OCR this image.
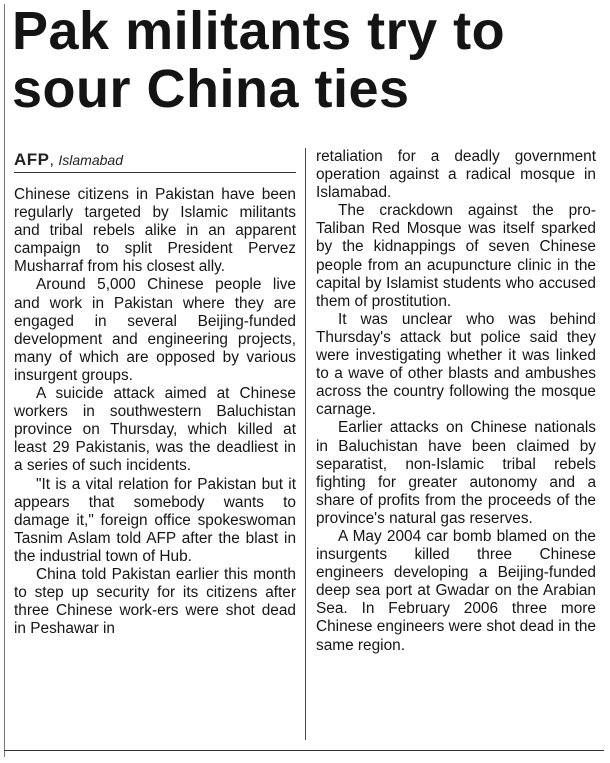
Pak militants try to sour China ties
AFP, Islamabad

Chinese citizens in Pakistan have been regularly targeted by Islamic militants and tribal rebels alike in an apparent campaign to split President Pervez Musharraf from his closest ally.

Around 5,000 Chinese people live and work in Pakistan where they are engaged in several Beijing-funded development and engineering projects, many of which are opposed by various insurgent groups.

A suicide attack aimed at Chinese workers in southwestern Baluchistan province on Thursday, which killed at least 29 Pakistanis, was the deadliest in a series of such incidents.

"It is a vital relation for Pakistan but it appears that somebody wants to damage it," foreign office spokeswoman Tasnim Aslam told AFP after the blast in the industrial town of Hub.

China told Pakistan earlier this month to step up security for its citizens after three Chinese work-ers were shot dead in Peshawar in

retaliation for a deadly government operation against a radical mosque in Islamabad.

The crackdown against the pro-Taliban Red Mosque was itself sparked by the kidnappings of seven Chinese people from an acupuncture clinic in the capital by Islamist students who accused them of prostitution.

It was unclear who was behind Thursday's attack but police said they were investigating whether it was linked to a wave of other blasts and ambushes across the country following the mosque carnage.

Earlier attacks on Chinese nationals in Baluchistan have been claimed by separatist, non-Islamic tribal rebels fighting for greater autonomy and a share of profits from the proceeds of the province's natural gas reserves.

A May 2004 car bomb blamed on the insurgents killed three Chinese engineers developing a Beijing-funded deep sea port at Gwadar on the Arabian Sea. In February 2006 three more Chinese engineers were shot dead in the same region.
